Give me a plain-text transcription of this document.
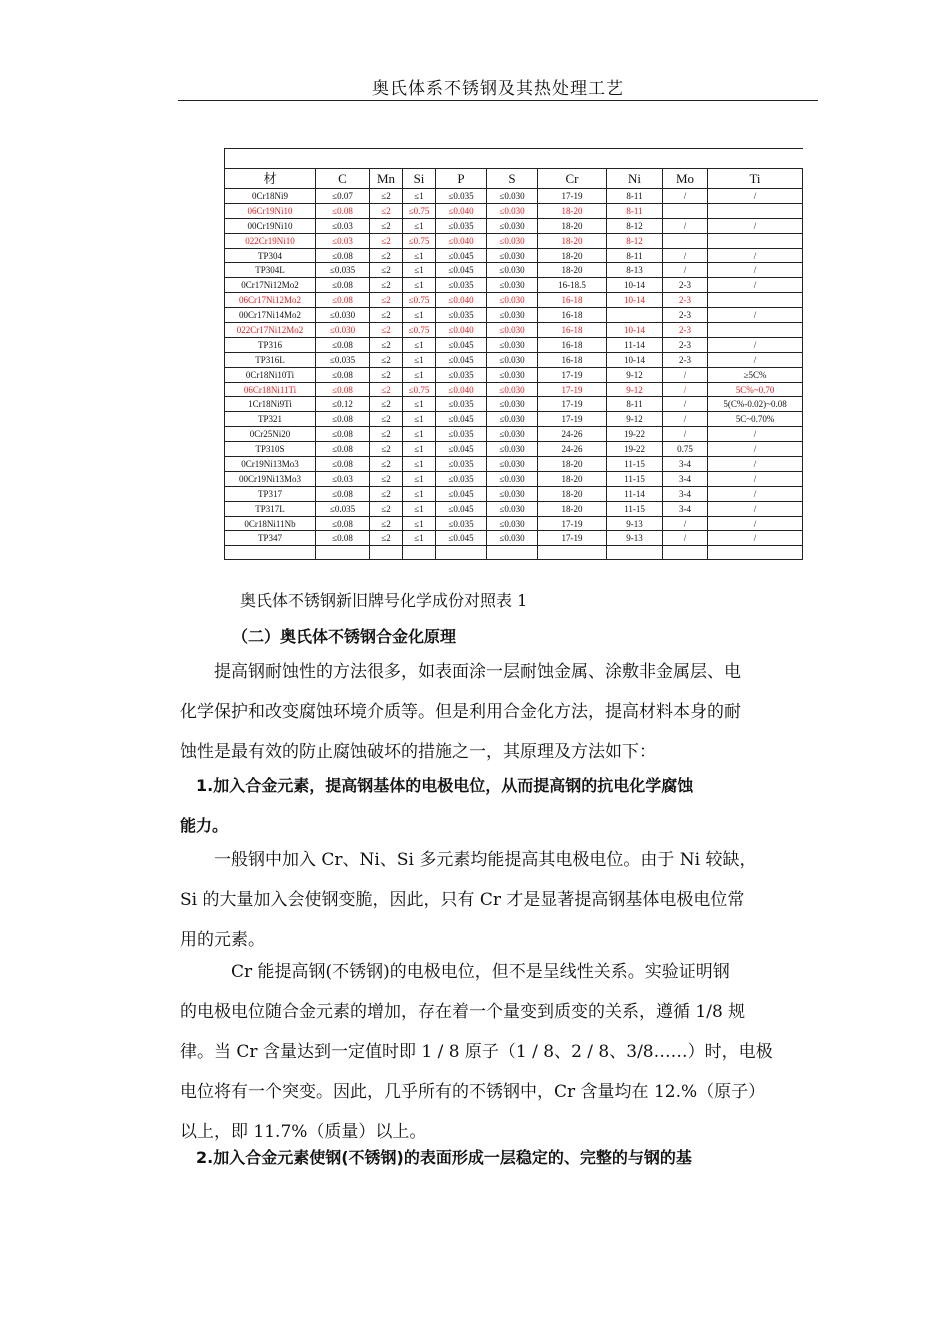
奥氏体系不锈钢及其热处理工艺

材	C	Mn	Si	P	S	Cr	Ni	Mo	Ti
0Cr18Ni9	≤0.07	≤2	≤1	≤0.035	≤0.030	17-19	8-11	/	/
06Cr19Ni10	≤0.08	≤2	≤0.75	≤0.040	≤0.030	18-20	8-11		
00Cr19Ni10	≤0.03	≤2	≤1	≤0.035	≤0.030	18-20	8-12	/	/
022Cr19Ni10	≤0.03	≤2	≤0.75	≤0.040	≤0.030	18-20	8-12		
TP304	≤0.08	≤2	≤1	≤0.045	≤0.030	18-20	8-11	/	/
TP304L	≤0.035	≤2	≤1	≤0.045	≤0.030	18-20	8-13	/	/
0Cr17Ni12Mo2	≤0.08	≤2	≤1	≤0.035	≤0.030	16-18.5	10-14	2-3	/
06Cr17Ni12Mo2	≤0.08	≤2	≤0.75	≤0.040	≤0.030	16-18	10-14	2-3	
00Cr17Ni14Mo2	≤0.030	≤2	≤1	≤0.035	≤0.030	16-18		2-3	/
022Cr17Ni12Mo2	≤0.030	≤2	≤0.75	≤0.040	≤0.030	16-18	10-14	2-3	
TP316	≤0.08	≤2	≤1	≤0.045	≤0.030	16-18	11-14	2-3	/
TP316L	≤0.035	≤2	≤1	≤0.045	≤0.030	16-18	10-14	2-3	/
0Cr18Ni10Ti	≤0.08	≤2	≤1	≤0.035	≤0.030	17-19	9-12	/	≥5C%
06Cr18Ni11Ti	≤0.08	≤2	≤0.75	≤0.040	≤0.030	17-19	9-12	/	5C%~0.70
1Cr18Ni9Ti	≤0.12	≤2	≤1	≤0.035	≤0.030	17-19	8-11	/	5(C%-0.02)~0.08
TP321	≤0.08	≤2	≤1	≤0.045	≤0.030	17-19	9-12	/	5C~0.70%
0Cr25Ni20	≤0.08	≤2	≤1	≤0.035	≤0.030	24-26	19-22	/	/
TP310S	≤0.08	≤2	≤1	≤0.045	≤0.030	24-26	19-22	0.75	/
0Cr19Ni13Mo3	≤0.08	≤2	≤1	≤0.035	≤0.030	18-20	11-15	3-4	/
00Cr19Ni13Mo3	≤0.03	≤2	≤1	≤0.035	≤0.030	18-20	11-15	3-4	/
TP317	≤0.08	≤2	≤1	≤0.045	≤0.030	18-20	11-14	3-4	/
TP317L	≤0.035	≤2	≤1	≤0.045	≤0.030	18-20	11-15	3-4	/
0Cr18Ni11Nb	≤0.08	≤2	≤1	≤0.035	≤0.030	17-19	9-13	/	/
TP347	≤0.08	≤2	≤1	≤0.045	≤0.030	17-19	9-13	/	/

奥氏体不锈钢新旧牌号化学成份对照表 1
（二）奥氏体不锈钢合金化原理
　　提高钢耐蚀性的方法很多，如表面涂一层耐蚀金属、涂敷非金属层、电
化学保护和改变腐蚀环境介质等。但是利用合金化方法，提高材料本身的耐
蚀性是最有效的防止腐蚀破坏的措施之一，其原理及方法如下：
　1.加入合金元素，提高钢基体的电极电位，从而提高钢的抗电化学腐蚀
能力。
　　一般钢中加入 Cr、Ni、Si 多元素均能提高其电极电位。由于 Ni 较缺，
Si 的大量加入会使钢变脆，因此，只有 Cr 才是显著提高钢基体电极电位常
用的元素。
　　　Cr 能提高钢(不锈钢)的电极电位，但不是呈线性关系。实验证明钢
的电极电位随合金元素的增加，存在着一个量变到质变的关系，遵循 1/8 规
律。当 Cr 含量达到一定值时即 1 / 8 原子（1 / 8、2 / 8、3/8……）时，电极
电位将有一个突变。因此，几乎所有的不锈钢中，Cr 含量均在 12.%（原子）
以上，即 11.7%（质量）以上。
　2.加入合金元素使钢(不锈钢)的表面形成一层稳定的、完整的与钢的基
